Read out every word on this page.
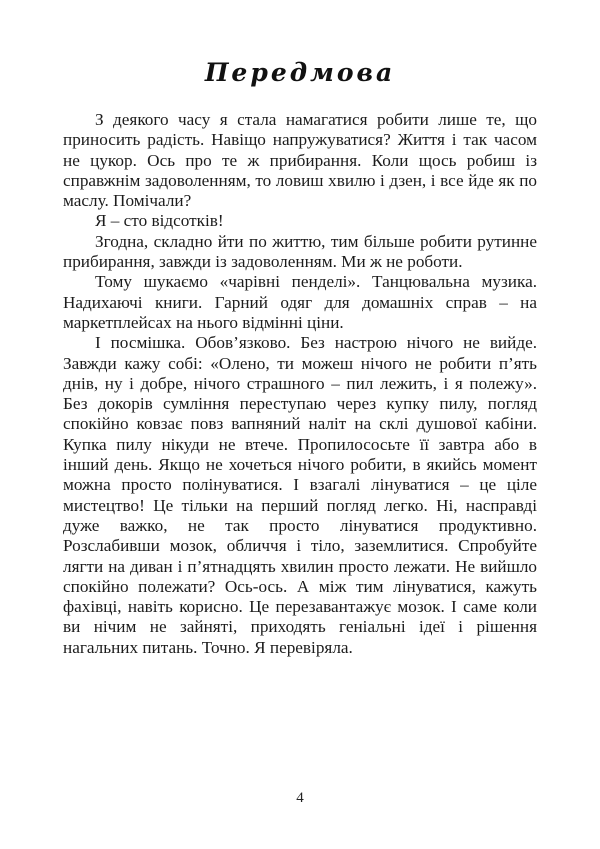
Передмова

З деякого часу я стала намагатися робити лише те, що приносить радість. Навіщо напружуватися? Життя і так часом не цукор. Ось про те ж прибирання. Коли щось робиш із справжнім задоволенням, то ловиш хвилю і дзен, і все йде як по маслу. Помічали?

Я – сто відсотків!

Згодна, складно йти по життю, тим більше робити рутинне прибирання, завжди із задоволенням. Ми ж не роботи.

Тому шукаємо «чарівні пенделі». Танцювальна музика. Надихаючі книги. Гарний одяг для домашніх справ – на маркетплейсах на нього відмінні ціни.

І посмішка. Обов’язково. Без настрою нічого не вийде. Завжди кажу собі: «Олено, ти можеш нічого не робити п’ять днів, ну і добре, нічого страшного – пил лежить, і я полежу». Без докорів сумління переступаю через купку пилу, погляд спокійно ковзає повз вапняний наліт на склі душової кабіни. Купка пилу нікуди не втече. Пропилососьте її завтра або в інший день. Якщо не хочеться нічого робити, в якийсь момент можна просто полінуватися. І взагалі лінуватися – це ціле мистецтво! Це тільки на перший погляд легко. Ні, насправді дуже важко, не так просто лінуватися продуктивно. Розслабивши мозок, обличчя і тіло, заземлитися. Спробуйте лягти на диван і п’ятнадцять хвилин просто лежати. Не вийшло спокійно полежати? Ось-ось. А між тим лінуватися, кажуть фахівці, навіть корисно. Це перезавантажує мозок. І саме коли ви нічим не зайняті, приходять геніальні ідеї і рішення нагальних питань. Точно. Я перевіряла.

4
